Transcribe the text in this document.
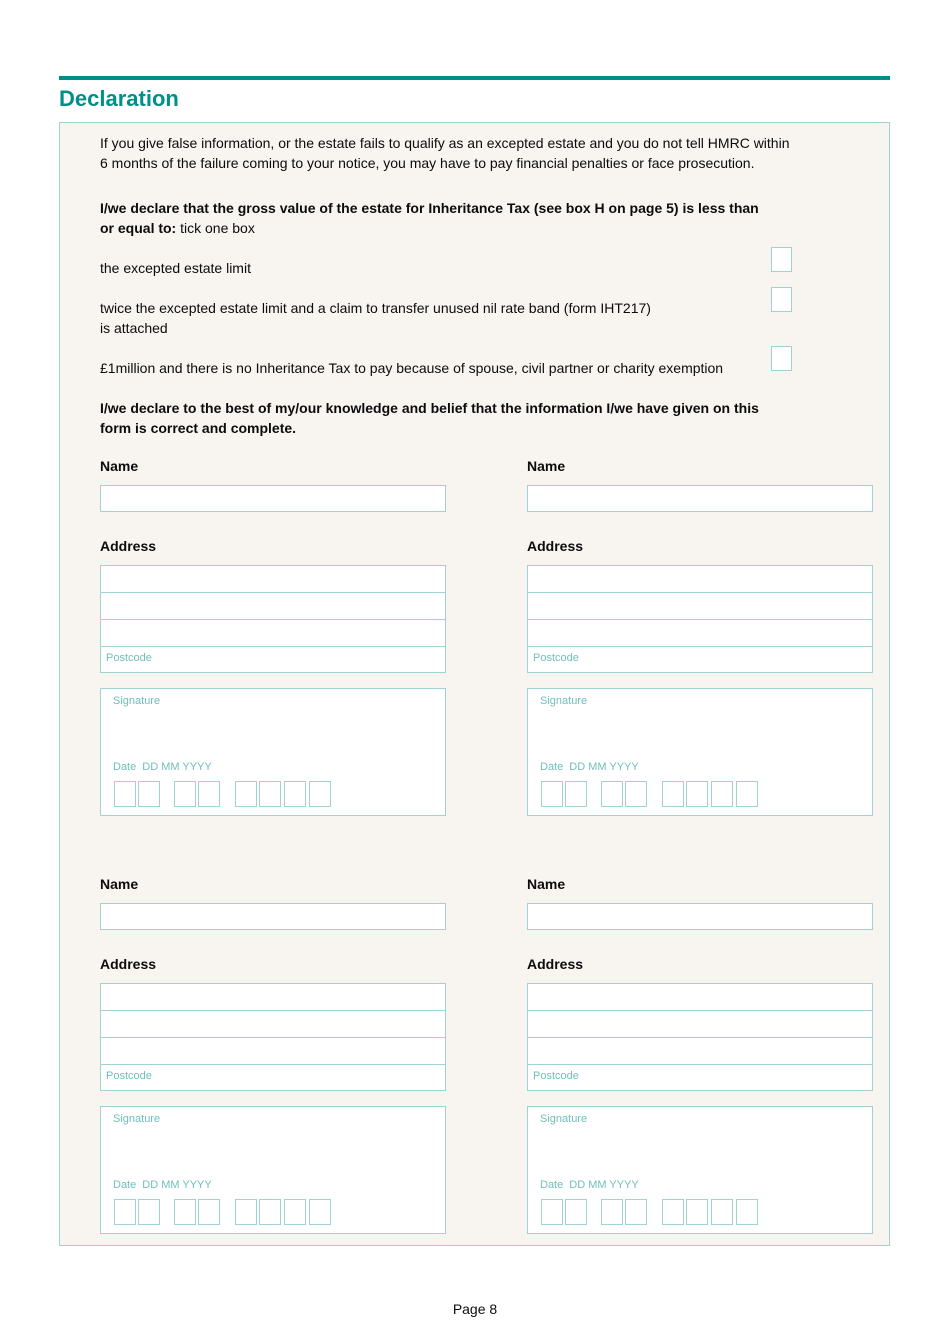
Declaration

If you give false information, or the estate fails to qualify as an excepted estate and you do not tell HMRC within

6 months of the failure coming to your notice, you may have to pay financial penalties or face prosecution.

I/we declare that the gross value of the estate for Inheritance Tax (see box H on page 5) is less than

or equal to: tick one box

the excepted estate limit

twice the excepted estate limit and a claim to transfer unused nil rate band (form IHT217)

is attached

£1million and there is no Inheritance Tax to pay because of spouse, civil partner or charity exemption

I/we declare to the best of my/our knowledge and belief that the information I/we have given on this

form is correct and complete.

Name
Address
Postcode
Signature
Date DD MM YYYY
Name
Address
Postcode
Signature
Date DD MM YYYY
Name
Address
Postcode
Signature
Date DD MM YYYY
Name
Address
Postcode
Signature
Date DD MM YYYY
Page 8
